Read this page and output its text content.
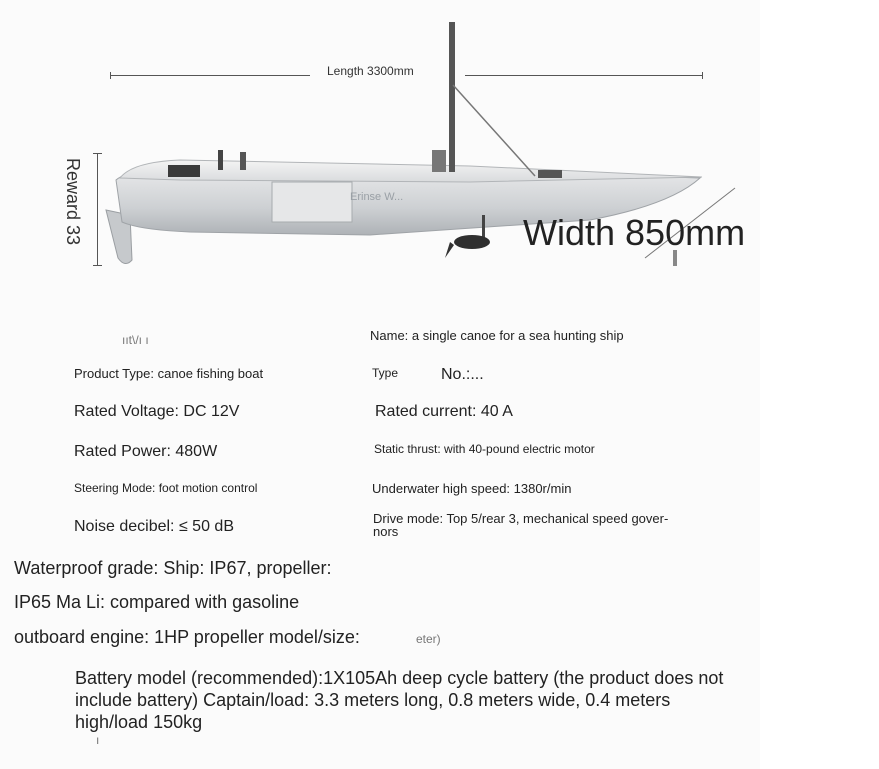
Length 3300mm
Reward 33	Erinse W...
Width 850mm
ııt\/ı ı	Name: a single canoe for a sea hunting ship
Product Type: canoe fishing boat	Type	No.:...
Rated Voltage: DC 12V	Rated current: 40 A
Rated Power: 480W	Static thrust: with 40-pound electric motor
Steering Mode: foot motion control	Underwater high speed: 1380r/min
Noise decibel: ≤ 50 dB	Drive mode: Top 5/rear 3, mechanical speed gover-
nors
Waterproof grade: Ship: IP67, propeller:
IP65 Ma Li: compared with gasoline
outboard engine: 1HP propeller model/size:	eter)
Battery model (recommended):1X105Ah deep cycle battery (the product does not include battery) Captain/load: 3.3 meters long, 0.8 meters wide, 0.4 meters high/load 150kg
ı
